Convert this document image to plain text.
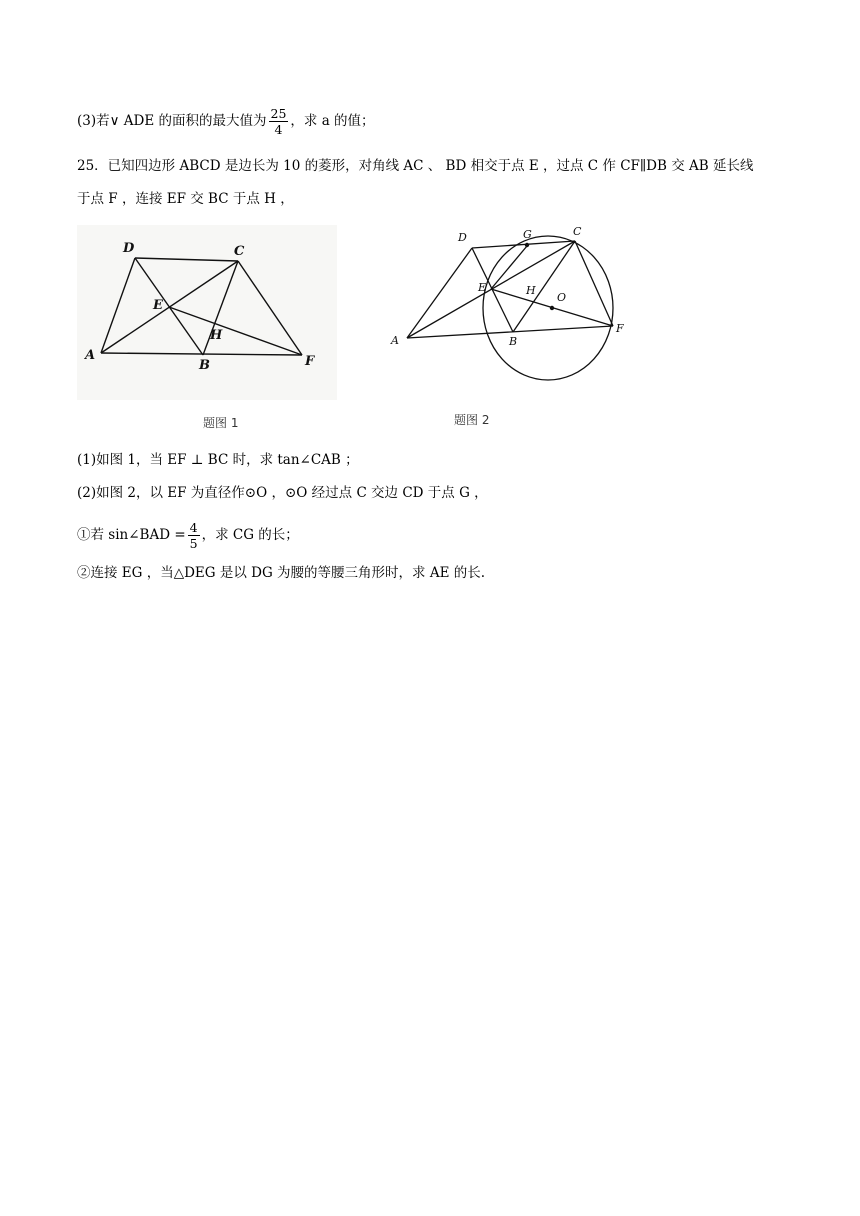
(3)若∨ ADE 的面积的最大值为 $\frac{25}{4}$ ，求 a 的值；
25．已知四边形 ABCD 是边长为 10 的菱形，对角线 AC 、 BD 相交于点 E ，过点 C 作 CF∥DB 交 AB 延长线
于点 F ，连接 EF 交 BC 于点 H ，
D	C
E
H
A
B	F
题图 1
D	G	C
E	H
O
A	B
F
题图 2
(1)如图 1，当 EF ⊥ BC 时，求 tan∠CAB ；
(2)如图 2，以 EF 为直径作⊙O ，⊙O 经过点 C 交边 CD 于点 G ，
①若 sin∠BAD = $\frac{4}{5}$ ，求 CG 的长；
②连接 EG ，当△DEG 是以 DG 为腰的等腰三角形时，求 AE 的长.
